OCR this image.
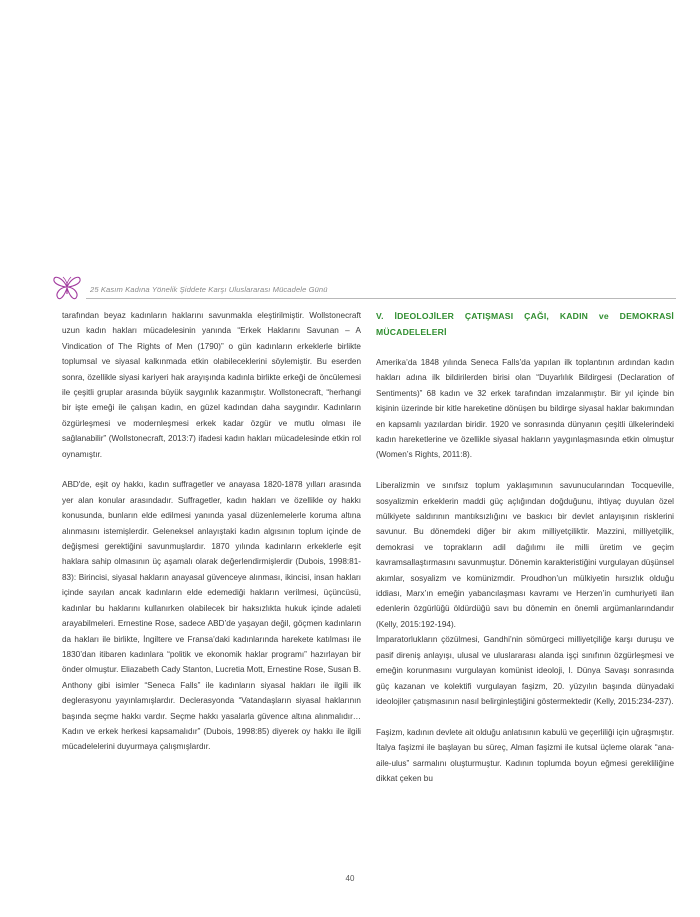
25 Kasım Kadına Yönelik Şiddete Karşı Uluslararası Mücadele Günü

tarafından beyaz kadınların haklarını savunmakla eleştirilmiştir. Wollstonecraft uzun kadın hakları mücadelesinin yanında “Erkek Haklarını Savunan – A Vindication of The Rights of Men (1790)” o gün kadınların erkeklerle birlikte toplumsal ve siyasal kalkınmada etkin olabileceklerini söylemiştir. Bu eserden sonra, özellikle siyasi kariyeri hak arayışında kadınla birlikte erkeği de öncülemesi ile çeşitli gruplar arasında büyük saygınlık kazanmıştır. Wollstonecraft, “herhangi bir işte emeği ile çalışan kadın, en güzel kadından daha saygındır. Kadınların özgürleşmesi ve modernleşmesi erkek kadar özgür ve mutlu olması ile sağlanabilir” (Wollstonecraft, 2013:7) ifadesi kadın hakları mücadelesinde etkin rol oynamıştır.

ABD'de, eşit oy hakkı, kadın suffragetler ve anayasa 1820-1878 yılları arasında yer alan konular arasındadır. Suffragetler, kadın hakları ve özellikle oy hakkı konusunda, bunların elde edilmesi yanında yasal düzenlemelerle koruma altına alınmasını istemişlerdir. Geleneksel anlayıştaki kadın algısının toplum içinde de değişmesi gerektiğini savunmuşlardır. 1870 yılında kadınların erkeklerle eşit haklara sahip olmasının üç aşamalı olarak değerlendirmişlerdir (Dubois, 1998:81-83): Birincisi, siyasal hakların anayasal güvenceye alınması, ikincisi, insan hakları içinde sayılan ancak kadınların elde edemediği hakların verilmesi, üçüncüsü, kadınlar bu haklarını kullanırken olabilecek bir haksızlıkta hukuk içinde adaleti arayabilmeleri. Ernestine Rose, sadece ABD’de yaşayan değil, göçmen kadınların da hakları ile birlikte, İngiltere ve Fransa’daki kadınlarında harekete katılması ile 1830’dan itibaren kadınlara “politik ve ekonomik haklar programı” hazırlayan bir önder olmuştur. Eliazabeth Cady Stanton, Lucretia Mott, Ernestine Rose, Susan B. Anthony gibi isimler “Seneca Falls” ile kadınların siyasal hakları ile ilgili ilk deglerasyonu yayınlamışlardır. Declerasyonda “Vatandaşların siyasal haklarının başında seçme hakkı vardır. Seçme hakkı yasalarla güvence altına alınmalıdır…Kadın ve erkek herkesi kapsamalıdır” (Dubois, 1998:85) diyerek oy hakkı ile ilgili mücadelelerini duyurmaya çalışmışlardır.

V. İDEOLOJİLER ÇATIŞMASI ÇAĞI, KADIN ve DEMOKRASİ MÜCADELELERİ

Amerika’da 1848 yılında Seneca Falls’da yapılan ilk toplantının ardından kadın hakları adına ilk bildirilerden birisi olan “Duyarlılık Bildirgesi (Declaration of Sentiments)” 68 kadın ve 32 erkek tarafından imzalanmıştır. Bir yıl içinde bin kişinin üzerinde bir kitle hareketine dönüşen bu bildirge siyasal haklar bakımından en kapsamlı yazılardan biridir. 1920 ve sonrasında dünyanın çeşitli ülkelerindeki kadın hareketlerine ve özellikle siyasal hakların yaygınlaşmasında etkin olmuştur (Women’s Rights, 2011:8).

Liberalizmin ve sınıfsız toplum yaklaşımının savunucularından Tocqueville, sosyalizmin erkeklerin maddi güç açlığından doğduğunu, ihtiyaç duyulan özel mülkiyete saldırının mantıksızlığını ve baskıcı bir devlet anlayışının risklerini savunur. Bu dönemdeki diğer bir akım milliyetçiliktir. Mazzini, milliyetçilik, demokrasi ve toprakların adil dağılımı ile milli üretim ve geçim kavramsallaştırmasını savunmuştur. Dönemin karakteristiğini vurgulayan düşünsel akımlar, sosyalizm ve komünizmdir. Proudhon’un mülkiyetin hırsızlık olduğu iddiası, Marx’ın emeğin yabancılaşması kavramı ve Herzen’in cumhuriyeti ilan edenlerin özgürlüğü öldürdüğü savı bu dönemin en önemli argümanlarındandır (Kelly, 2015:192-194).

İmparatorlukların çözülmesi, Gandhi’nin sömürgeci milliyetçiliğe karşı duruşu ve pasif direniş anlayışı, ulusal ve uluslararası alanda işçi sınıfının özgürleşmesi ve emeğin korunmasını vurgulayan komünist ideoloji, I. Dünya Savaşı sonrasında güç kazanan ve kolektifi vurgulayan faşizm, 20. yüzyılın başında dünyadaki ideolojiler çatışmasının nasıl belirginleştiğini göstermektedir (Kelly, 2015:234-237).

Faşizm, kadının devlete ait olduğu anlatısının kabulü ve geçerliliği için uğraşmıştır. İtalya faşizmi ile başlayan bu süreç, Alman faşizmi ile kutsal üçleme olarak “ana-aile-ulus” sarmalını oluşturmuştur. Kadının toplumda boyun eğmesi gerekliliğine dikkat çeken bu

40
